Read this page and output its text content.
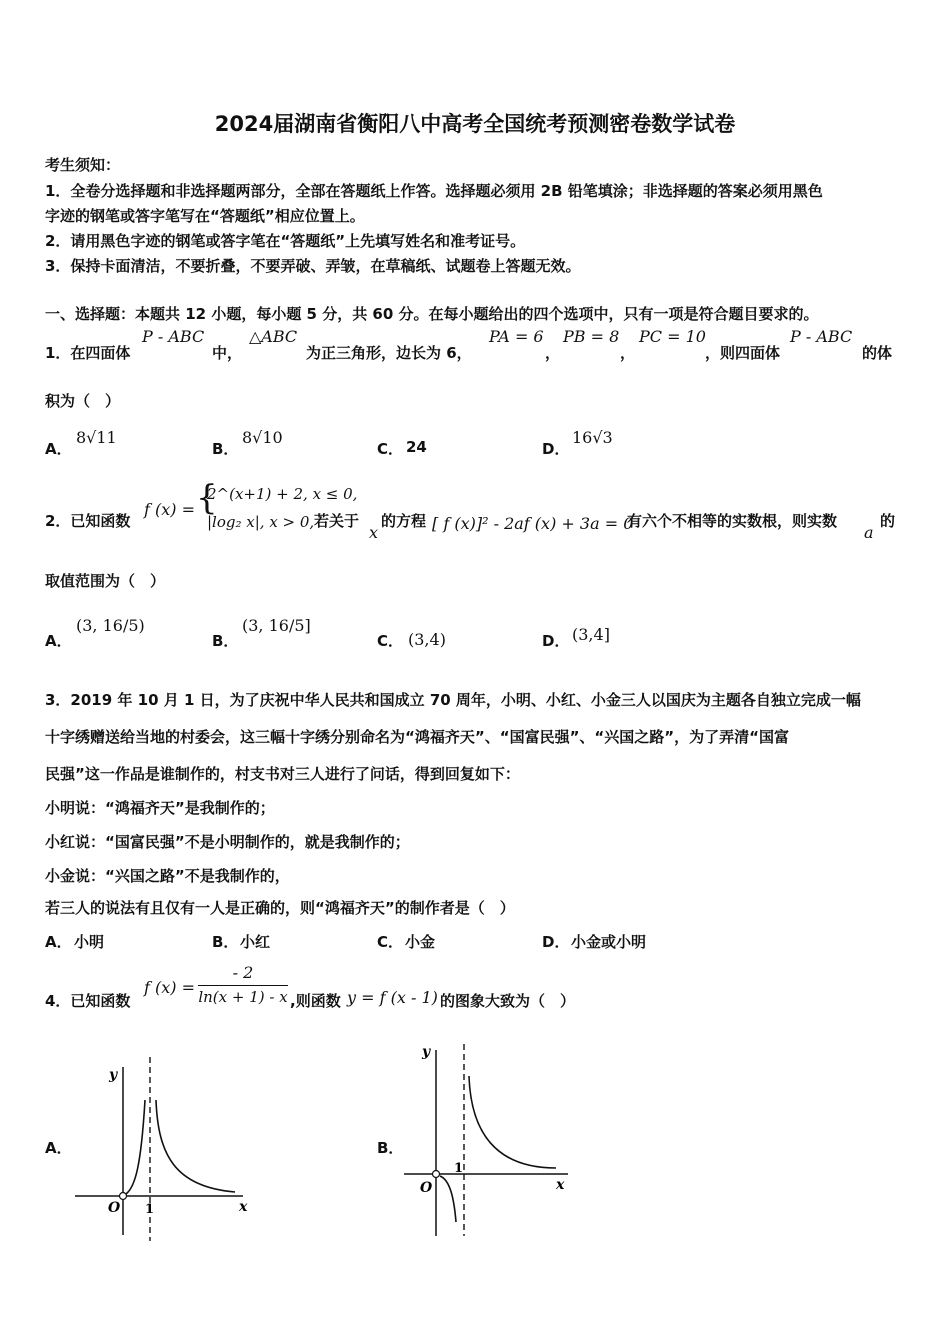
2024届湖南省衡阳八中高考全国统考预测密卷数学试卷
考生须知：
1．全卷分选择题和非选择题两部分，全部在答题纸上作答。选择题必须用 2B 铅笔填涂；非选择题的答案必须用黑色
字迹的钢笔或答字笔写在“答题纸”相应位置上。
2．请用黑色字迹的钢笔或答字笔在“答题纸”上先填写姓名和准考证号。
3．保持卡面清洁，不要折叠，不要弄破、弄皱，在草稿纸、试题卷上答题无效。
一、选择题：本题共 12 小题，每小题 5 分，共 60 分。在每小题给出的四个选项中，只有一项是符合题目要求的。
1．在四面体
P - ABC
中，
△ABC
为正三角形，边长为 6，
PA = 6
，
PB = 8
，
PC = 10
，则四面体
P - ABC
的体
积为（　）
A．
8√11
B．
8√10
C． 24	D．
16√3
2．已知函数
f (x) = {
2^(x+1) + 2, x ≤ 0,
|log₂ x|, x > 0, 若关于
x
的方程 [ f (x)]² - 2af (x) + 3a = 0
有六个不相等的实数根，则实数
a
的
取值范围为（　）
A．
(3, 16/5)
B．
(3, 16/5]
C． (3,4)	D． (3,4]
3．2019 年 10 月 1 日，为了庆祝中华人民共和国成立 70 周年，小明、小红、小金三人以国庆为主题各自独立完成一幅
十字绣赠送给当地的村委会，这三幅十字绣分别命名为“鸿福齐天”、“国富民强”、“兴国之路”，为了弄清“国富
民强”这一作品是谁制作的，村支书对三人进行了问话，得到回复如下：
小明说：“鸿福齐天”是我制作的；
小红说：“国富民强”不是小明制作的，就是我制作的；
小金说：“兴国之路”不是我制作的，
若三人的说法有且仅有一人是正确的，则“鸿福齐天”的制作者是（　）
A． 小明	B． 小红	C． 小金	D． 小金或小明
4．已知函数
f (x) =
- 2
ln(x + 1) - x ,则函数 y = f (x - 1) 的图象大致为（　）
A．
y
x
O 1
B．
y
x
O
1
